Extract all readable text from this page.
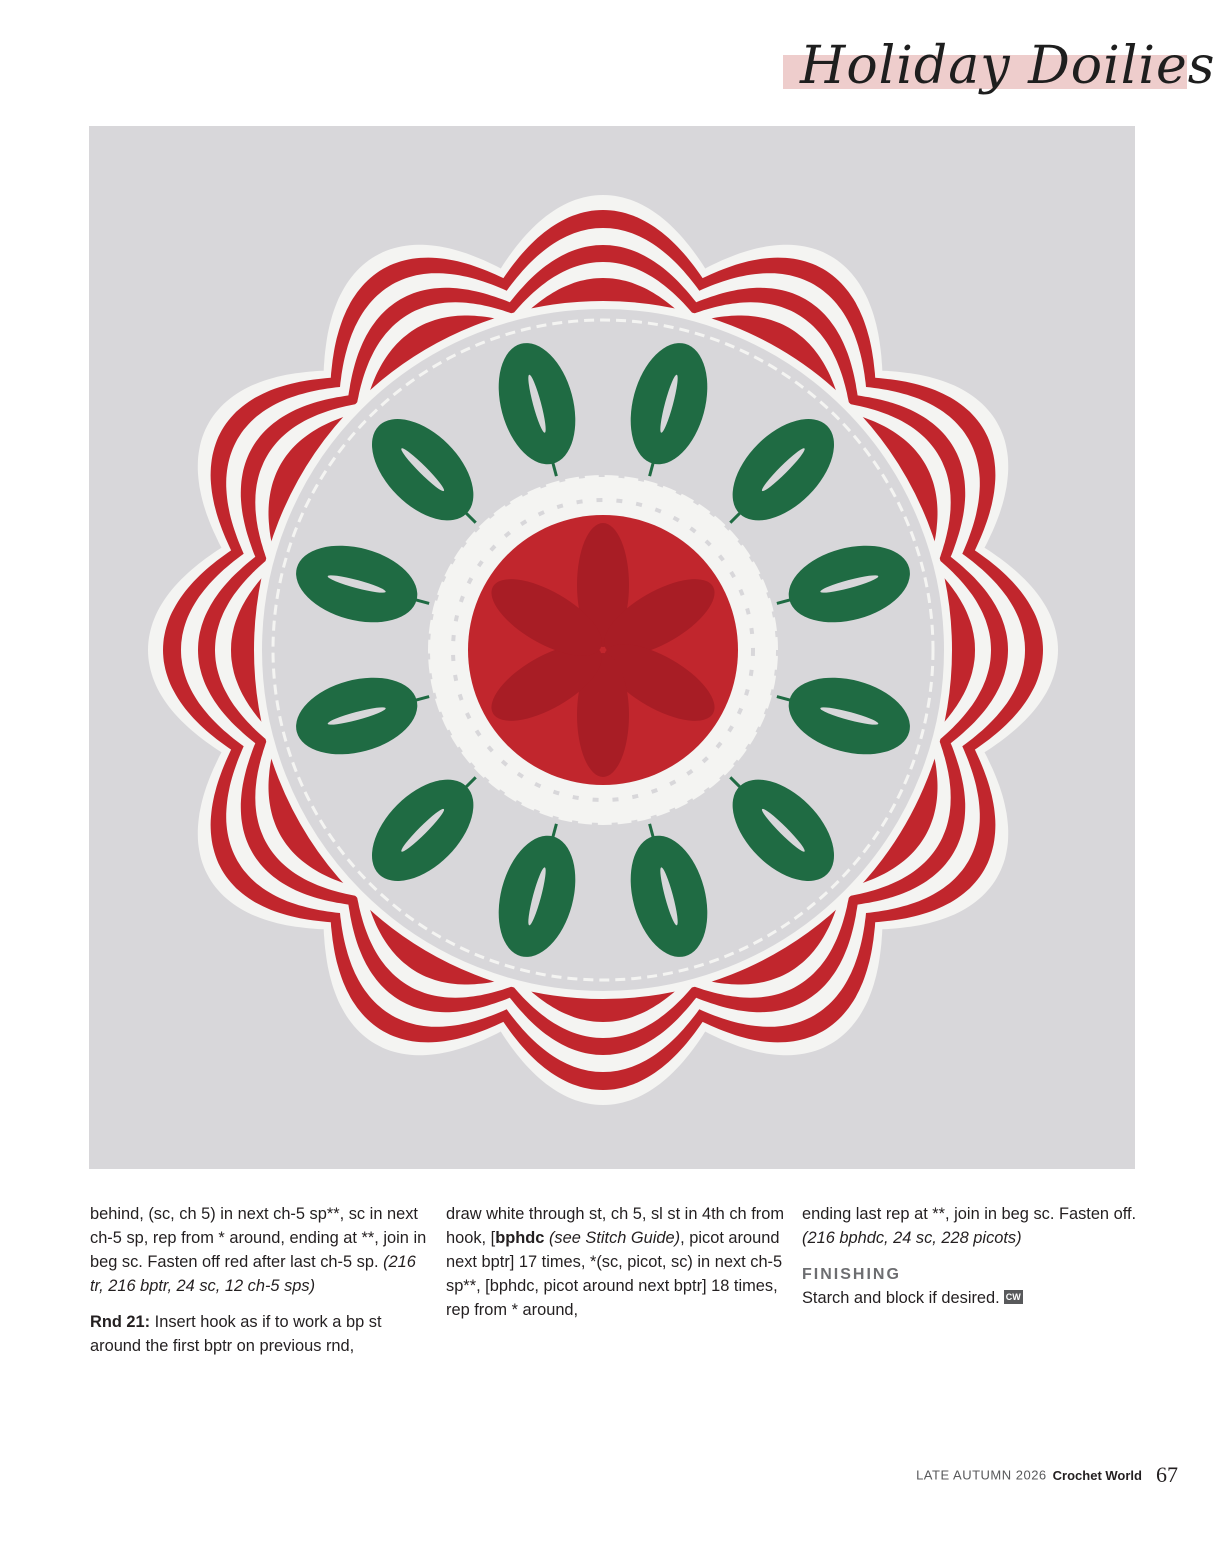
Holiday Doilies

behind, (sc, ch 5) in next ch-5 sp**, sc in next ch-5 sp, rep from * around, ending at **, join in beg sc. Fasten off red after last ch-5 sp. (216 tr, 216 bptr, 24 sc, 12 ch-5 sps)

Rnd 21: Insert hook as if to work a bp st around the first bptr on previous rnd,

draw white through st, ch 5, sl st in 4th ch from hook, [bphdc (see Stitch Guide), picot around next bptr] 17 times, *(sc, picot, sc) in next ch-5 sp**, [bphdc, picot around next bptr] 18 times, rep from * around,

ending last rep at **, join in beg sc. Fasten off. (216 bphdc, 24 sc, 228 picots)

FINISHING

Starch and block if desired. CW

LATE AUTUMN 2026 Crochet World 67
